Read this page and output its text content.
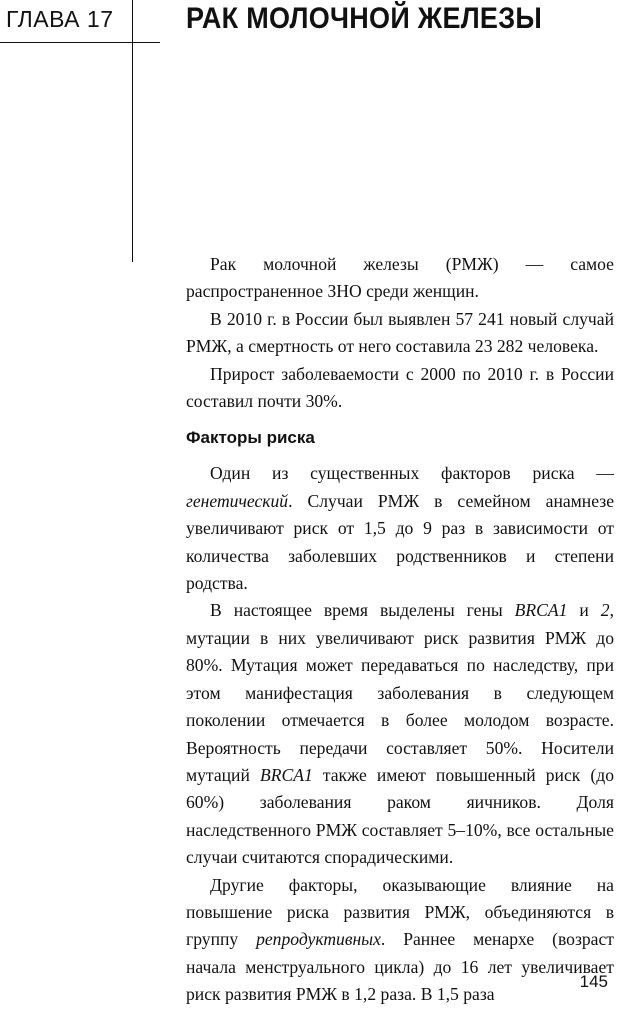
ГЛАВА 17 РАК МОЛОЧНОЙ ЖЕЛЕЗЫ

Рак молочной железы (РМЖ) — самое распространенное ЗНО среди женщин.

В 2010 г. в России был выявлен 57 241 новый случай РМЖ, а смертность от него составила 23 282 человека.

Прирост заболеваемости с 2000 по 2010 г. в России составил почти 30%.

Факторы риска

Один из существенных факторов риска — генетический. Случаи РМЖ в семейном анамнезе увеличивают риск от 1,5 до 9 раз в зависимости от количества заболевших родственников и степени родства.

В настоящее время выделены гены BRCA1 и 2, мутации в них увеличивают риск развития РМЖ до 80%. Мутация может передаваться по наследству, при этом манифестация заболевания в следующем поколении отмечается в более молодом возрасте. Вероятность передачи составляет 50%. Носители мутаций BRCA1 также имеют повышенный риск (до 60%) заболевания раком яичников. Доля наследственного РМЖ составляет 5–10%, все остальные случаи считаются спорадическими.

Другие факторы, оказывающие влияние на повышение риска развития РМЖ, объединяются в группу репродуктивных. Раннее менархе (возраст начала менструального цикла) до 16 лет увеличивает риск развития РМЖ в 1,2 раза. В 1,5 раза

145
